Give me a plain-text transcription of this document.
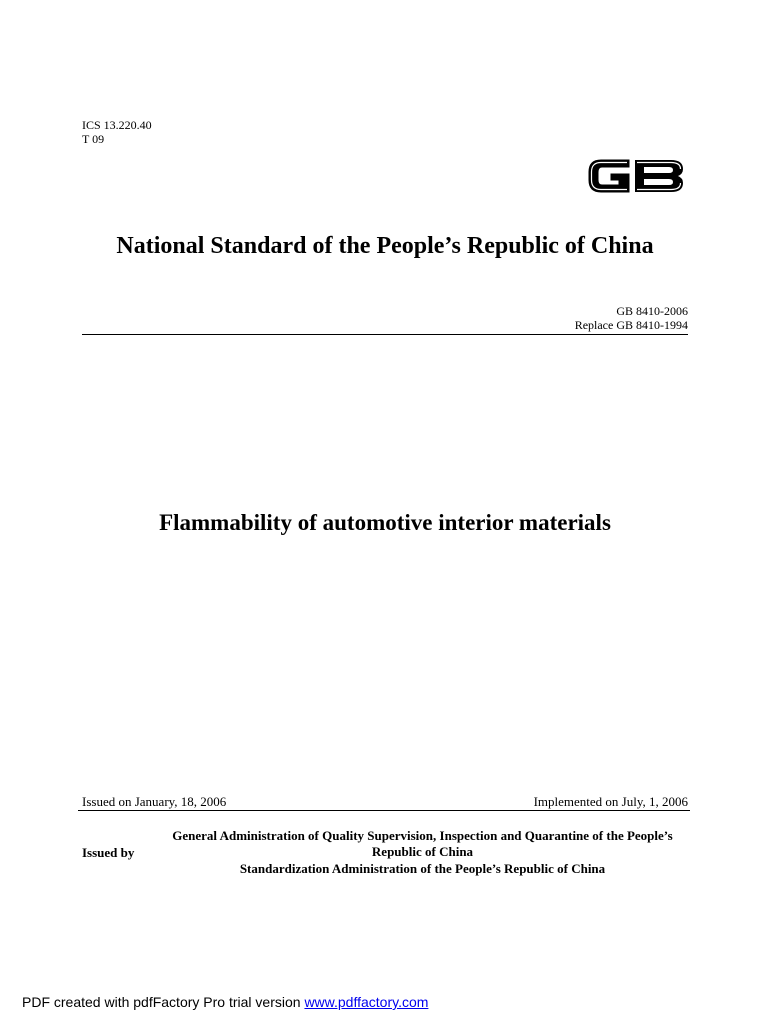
ICS 13.220.40
T 09
National Standard of the People’s Republic of China
GB 8410-2006
Replace GB 8410-1994
Flammability of automotive interior materials
Issued on January, 18, 2006	Implemented on July, 1, 2006
Issued by
General Administration of Quality Supervision, Inspection and Quarantine of the People’s Republic of China
Standardization Administration of the People’s Republic of China
PDF created with pdfFactory Pro trial version www.pdffactory.com
